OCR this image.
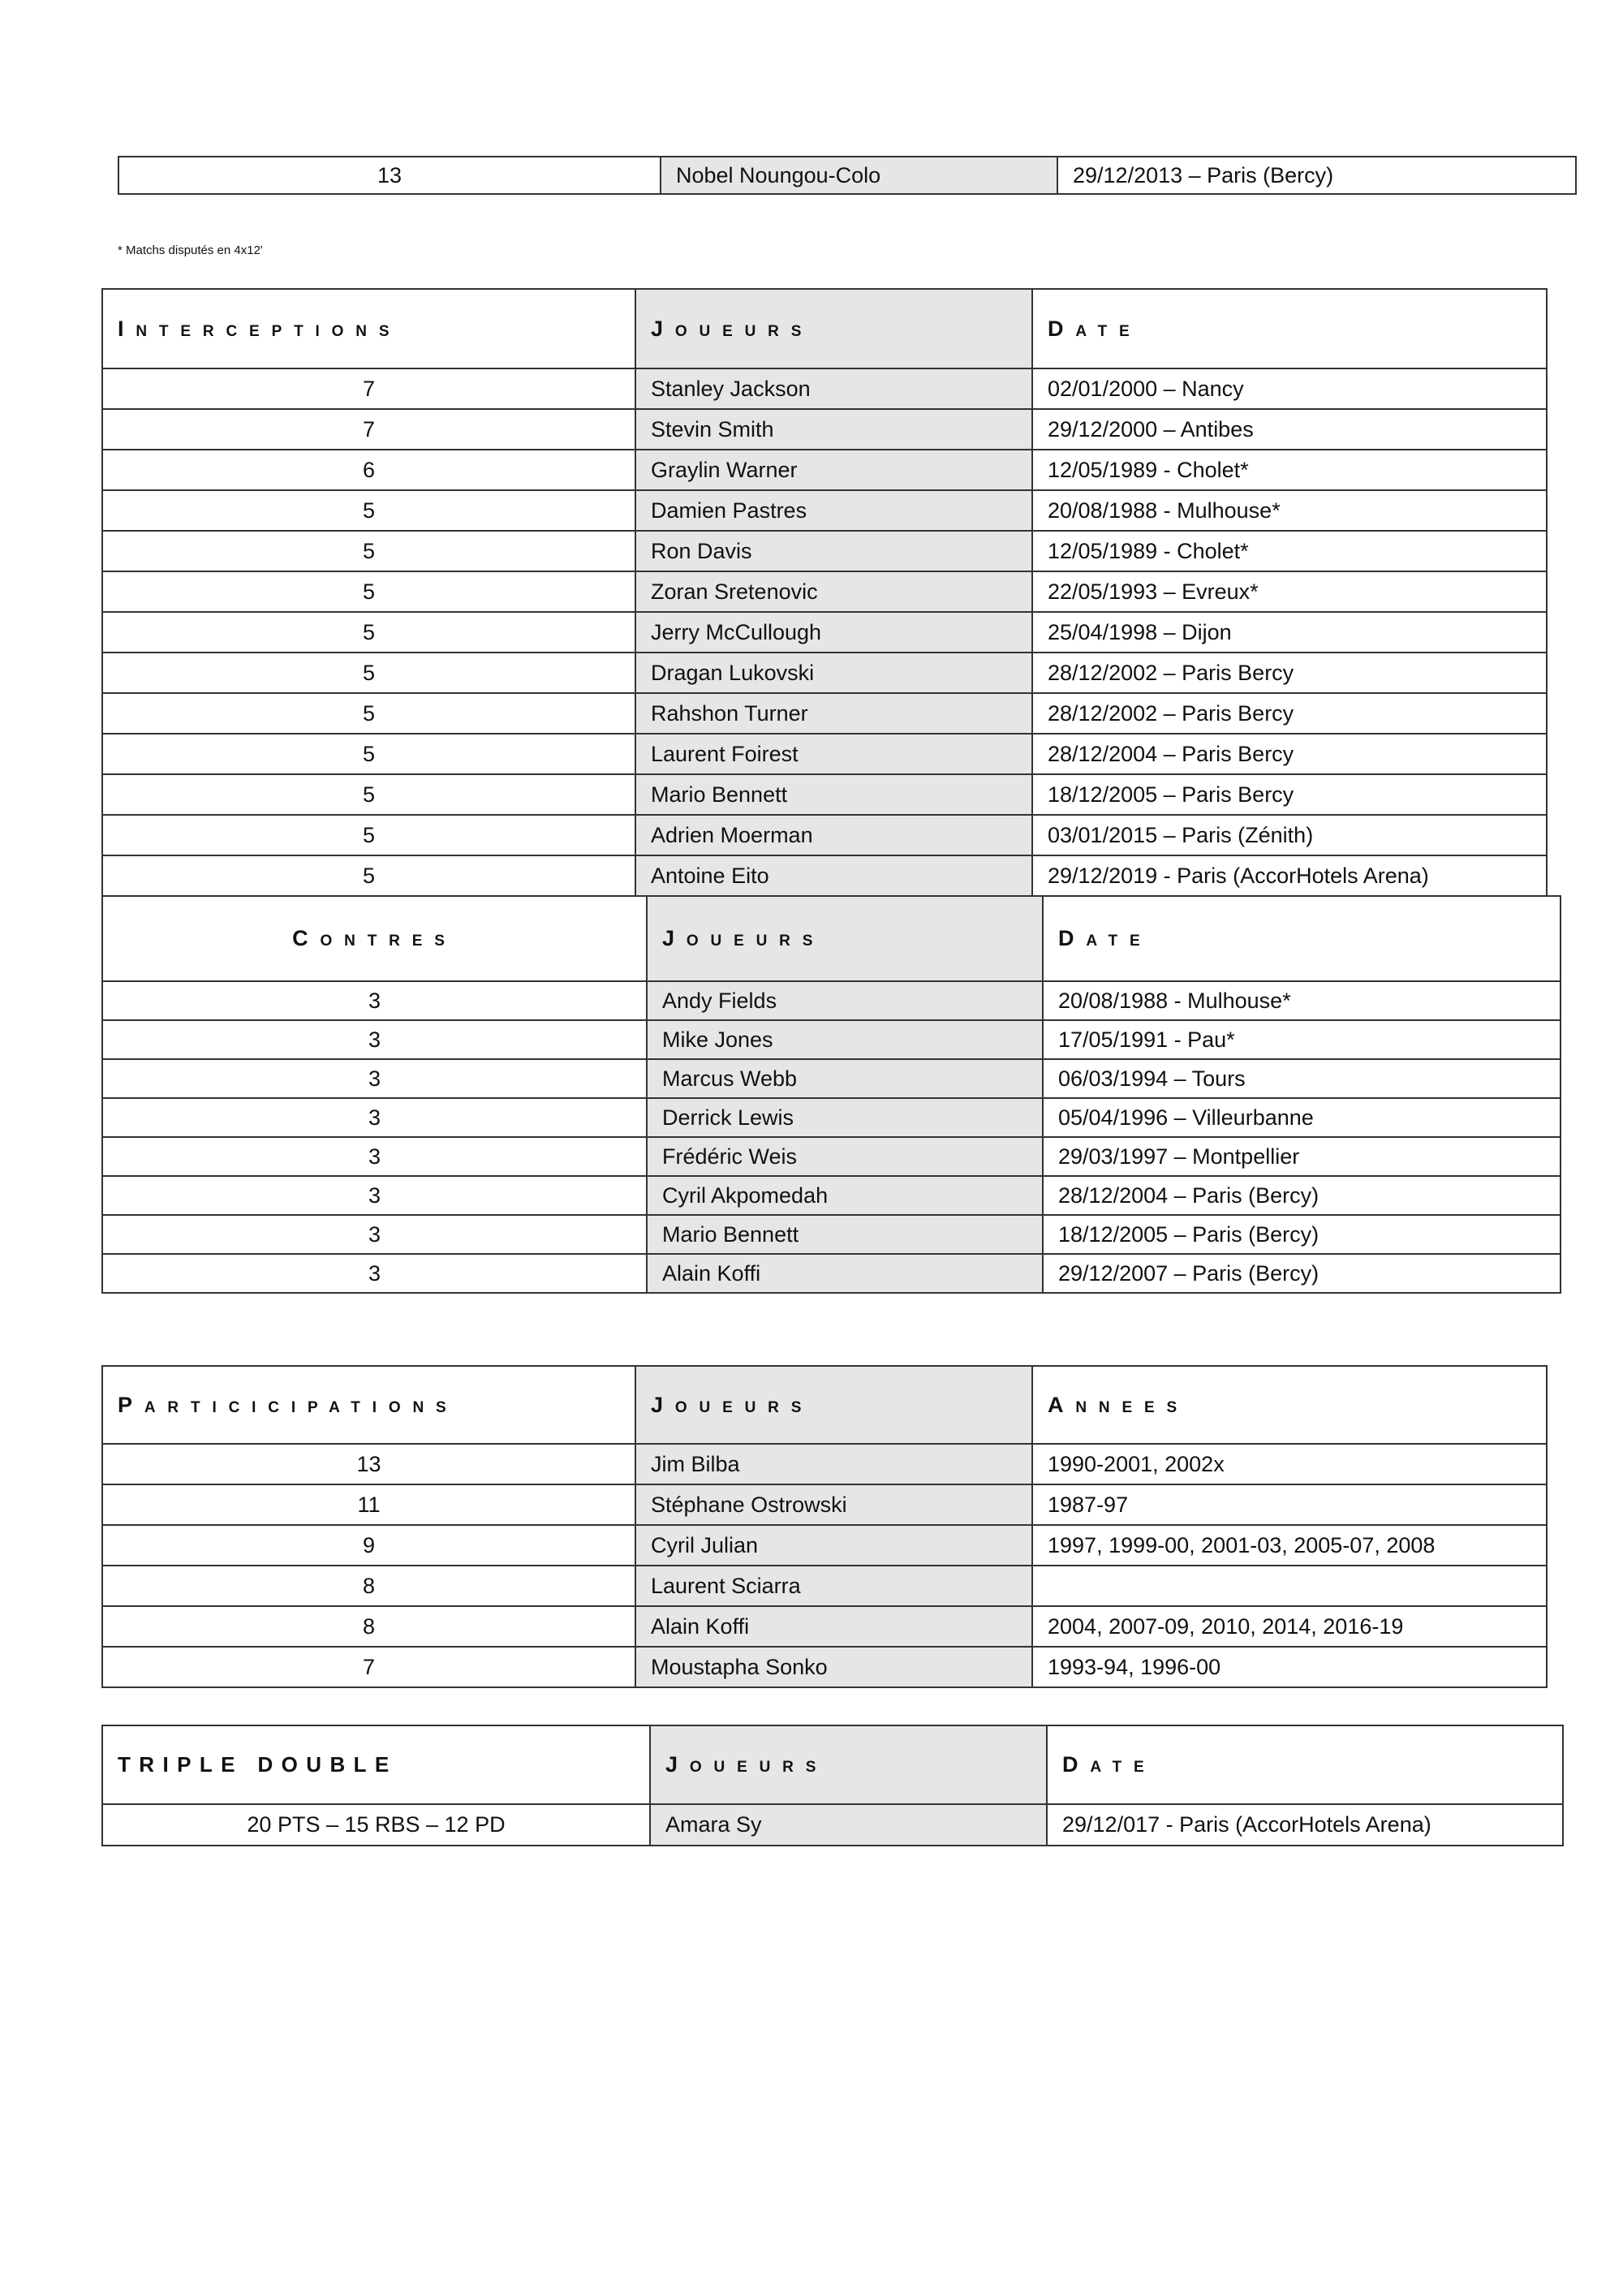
13	Nobel Noungou-Colo	29/12/2013 – Paris (Bercy)
* Matchs disputés en 4x12'
Interceptions	joueurs	date
7	Stanley Jackson	02/01/2000 – Nancy
7	Stevin Smith	29/12/2000 – Antibes
6	Graylin Warner	12/05/1989 - Cholet*
5	Damien Pastres	20/08/1988 - Mulhouse*
5	Ron Davis	12/05/1989 - Cholet*
5	Zoran Sretenovic	22/05/1993 – Evreux*
5	Jerry McCullough	25/04/1998 – Dijon
5	Dragan Lukovski	28/12/2002 – Paris Bercy
5	Rahshon Turner	28/12/2002 – Paris Bercy
5	Laurent Foirest	28/12/2004 – Paris Bercy
5	Mario Bennett	18/12/2005 – Paris Bercy
5	Adrien Moerman	03/01/2015 – Paris (Zénith)
5	Antoine Eito	29/12/2019 - Paris (AccorHotels Arena)
Contres	joueurs	date
3	Andy Fields	20/08/1988 - Mulhouse*
3	Mike Jones	17/05/1991 - Pau*
3	Marcus Webb	06/03/1994 – Tours
3	Derrick Lewis	05/04/1996 – Villeurbanne
3	Frédéric Weis	29/03/1997 – Montpellier
3	Cyril Akpomedah	28/12/2004 – Paris (Bercy)
3	Mario Bennett	18/12/2005 – Paris (Bercy)
3	Alain Koffi	29/12/2007 – Paris (Bercy)
Particicipations	joueurs	annees
13	Jim Bilba	1990-2001, 2002x
11	Stéphane Ostrowski	1987-97
9	Cyril Julian	1997, 1999-00, 2001-03, 2005-07, 2008
8	Laurent Sciarra	
8	Alain Koffi	2004, 2007-09, 2010, 2014, 2016-19
7	Moustapha Sonko	1993-94, 1996-00
TRIPLE DOUBLE	joueurs	date
20 PTS – 15 RBS – 12 PD	Amara Sy	29/12/017 - Paris (AccorHotels Arena)
